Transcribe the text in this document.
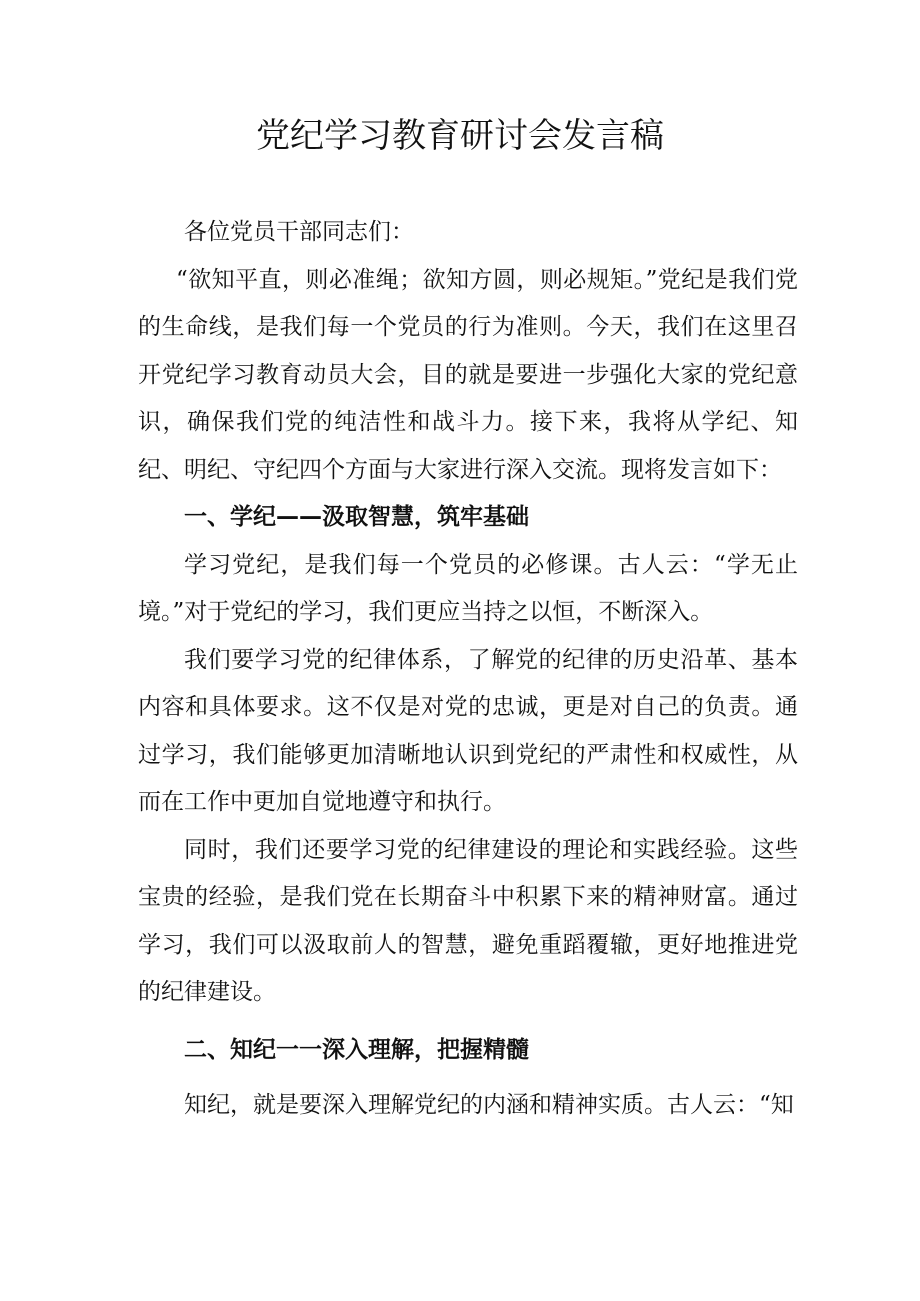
党纪学习教育研讨会发言稿

各位党员干部同志们：

“欲知平直，则必准绳；欲知方圆，则必规矩。”党纪是我们党的生命线，是我们每一个党员的行为准则。今天，我们在这里召开党纪学习教育动员大会，目的就是要进一步强化大家的党纪意识，确保我们党的纯洁性和战斗力。接下来，我将从学纪、知纪、明纪、守纪四个方面与大家进行深入交流。现将发言如下：

一、学纪——汲取智慧，筑牢基础

学习党纪，是我们每一个党员的必修课。古人云：“学无止境。”对于党纪的学习，我们更应当持之以恒，不断深入。

我们要学习党的纪律体系，了解党的纪律的历史沿革、基本内容和具体要求。这不仅是对党的忠诚，更是对自己的负责。通过学习，我们能够更加清晰地认识到党纪的严肃性和权威性，从而在工作中更加自觉地遵守和执行。

同时，我们还要学习党的纪律建设的理论和实践经验。这些宝贵的经验，是我们党在长期奋斗中积累下来的精神财富。通过学习，我们可以汲取前人的智慧，避免重蹈覆辙，更好地推进党的纪律建设。

二、知纪一一深入理解，把握精髓

知纪，就是要深入理解党纪的内涵和精神实质。古人云：“知
